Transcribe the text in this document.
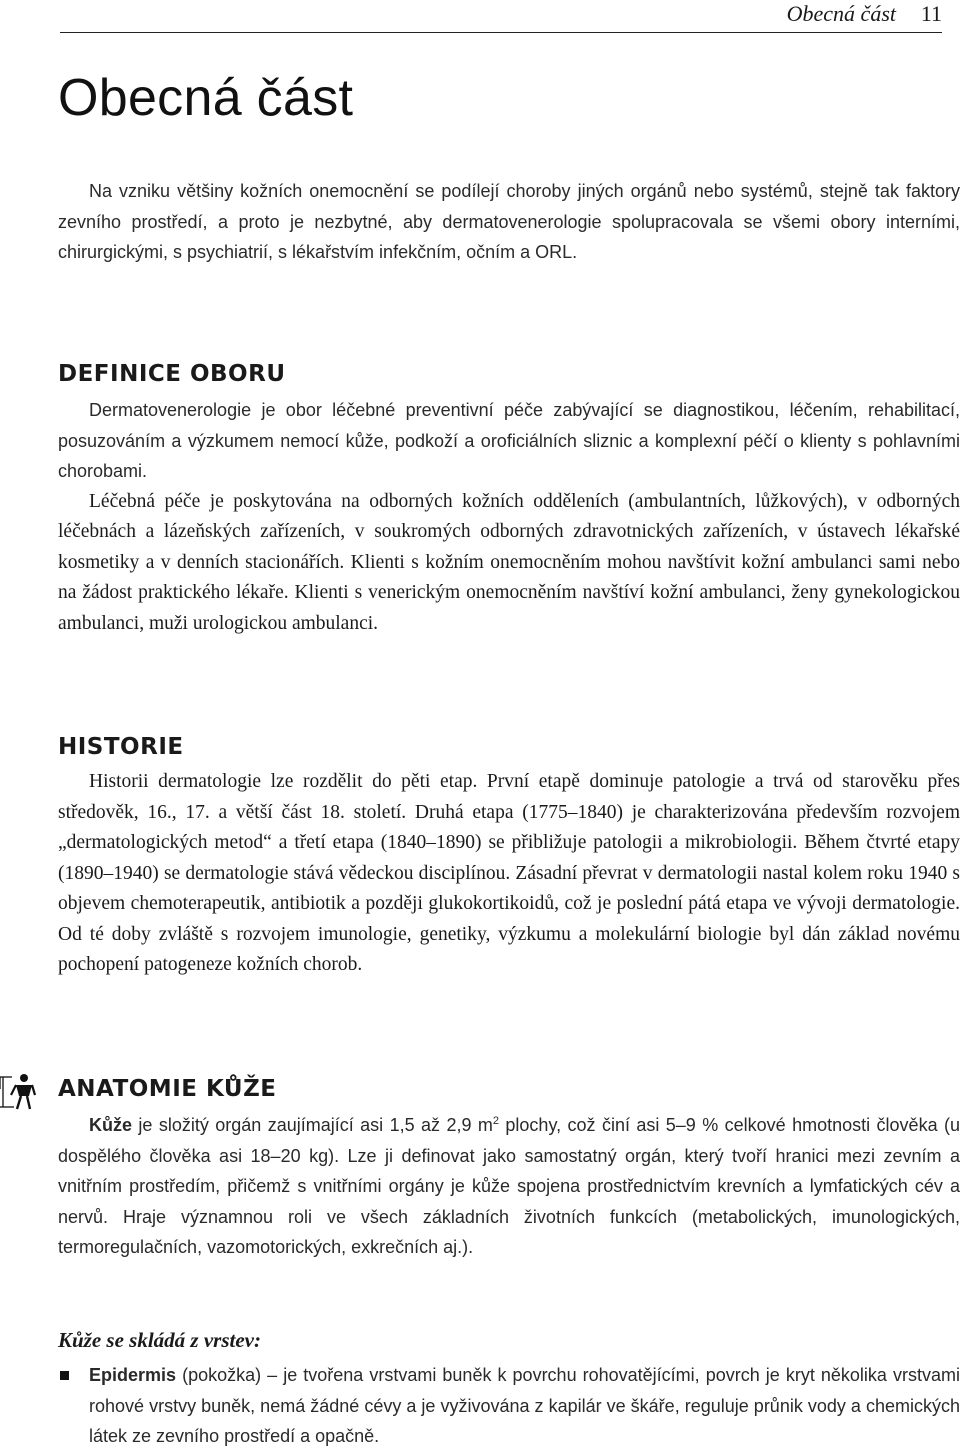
Obecná část 11
Obecná část

Na vzniku většiny kožních onemocnění se podílejí choroby jiných orgánů nebo systémů, stejně tak faktory zevního prostředí, a proto je nezbytné, aby dermatovenerologie spolupracovala se všemi obory interními, chirurgickými, s psychiatrií, s lékařstvím infekčním, očním a ORL.

DEFINICE OBORU

Dermatovenerologie je obor léčebné preventivní péče zabývající se diagnostikou, léčením, rehabilitací, posuzováním a výzkumem nemocí kůže, podkoží a oroficiálních sliznic a komplexní péčí o klienty s pohlavními chorobami.

Léčebná péče je poskytována na odborných kožních odděleních (ambulantních, lůžkových), v odborných léčebnách a lázeňských zařízeních, v soukromých odborných zdravotnických zařízeních, v ústavech lékařské kosmetiky a v denních stacionářích. Klienti s kožním onemocněním mohou navštívit kožní ambulanci sami nebo na žádost praktického lékaře. Klienti s venerickým onemocněním navštíví kožní ambulanci, ženy gynekologickou ambulanci, muži urologickou ambulanci.

HISTORIE

Historii dermatologie lze rozdělit do pěti etap. První etapě dominuje patologie a trvá od starověku přes středověk, 16., 17. a větší část 18. století. Druhá etapa (1775–1840) je charakterizována především rozvojem „dermatologických metod“ a třetí etapa (1840–1890) se přibližuje patologii a mikrobiologii. Během čtvrté etapy (1890–1940) se dermatologie stává vědeckou disciplínou. Zásadní převrat v dermatologii nastal kolem roku 1940 s objevem chemoterapeutik, antibiotik a později glukokortikoidů, což je poslední pátá etapa ve vývoji dermatologie. Od té doby zvláště s rozvojem imunologie, genetiky, výzkumu a molekulární biologie byl dán základ novému pochopení patogeneze kožních chorob.

ANATOMIE KŮŽE

Kůže je složitý orgán zaujímající asi 1,5 až 2,9 $m^2$ plochy, což činí asi 5–9 % celkové hmotnosti člověka (u dospělého člověka asi 18–20 kg). Lze ji definovat jako samostatný orgán, který tvoří hranici mezi zevním a vnitřním prostředím, přičemž s vnitřními orgány je kůže spojena prostřednictvím krevních a lymfatických cév a nervů. Hraje významnou roli ve všech základních životních funkcích (metabolických, imunologických, termoregulačních, vazomotorických, exkrečních aj.).

Kůže se skládá z vrstev:
Epidermis (pokožka) – je tvořena vrstvami buněk k povrchu rohovatějícími, povrch je kryt několika vrstvami rohové vrstvy buněk, nemá žádné cévy a je vyživována z kapilár ve škáře, reguluje průnik vody a chemických látek ze zevního prostředí a opačně.
